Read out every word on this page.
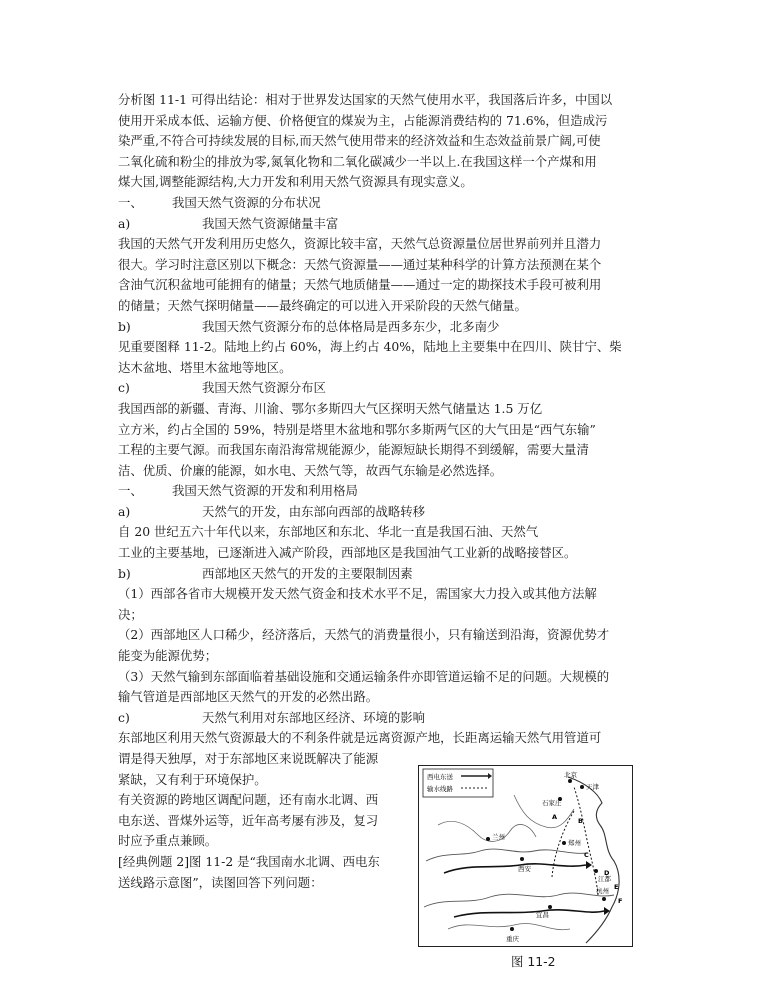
分析图 11-1 可得出结论：相对于世界发达国家的天然气使用水平，我国落后许多，中国以

使用开采成本低、运输方便、价格便宜的煤炭为主，占能源消费结构的 71.6%，但造成污

染严重,不符合可持续发展的目标,而天然气使用带来的经济效益和生态效益前景广阔,可使

二氧化硫和粉尘的排放为零,氮氧化物和二氧化碳减少一半以上.在我国这样一个产煤和用

煤大国,调整能源结构,大力开发和利用天然气资源具有现实意义。

一、	我国天然气资源的分布状况
a)	我国天然气资源储量丰富

我国的天然气开发利用历史悠久，资源比较丰富，天然气总资源量位居世界前列并且潜力

很大。学习时注意区别以下概念：天然气资源量——通过某种科学的计算方法预测在某个

含油气沉积盆地可能拥有的储量；天然气地质储量——通过一定的勘探技术手段可被利用

的储量；天然气探明储量——最终确定的可以进入开采阶段的天然气储量。

b)	我国天然气资源分布的总体格局是西多东少，北多南少

见重要图释 11-2。陆地上约占 60%，海上约占 40%，陆地上主要集中在四川、陕甘宁、柴

达木盆地、塔里木盆地等地区。

c)	我国天然气资源分布区

我国西部的新疆、青海、川渝、鄂尔多斯四大气区探明天然气储量达 1.5 万亿

立方米，约占全国的 59%，特别是塔里木盆地和鄂尔多斯两气区的大气田是“西气东输”

工程的主要气源。而我国东南沿海常规能源少，能源短缺长期得不到缓解，需要大量清

洁、优质、价廉的能源，如水电、天然气等，故西气东输是必然选择。

一、	我国天然气资源的开发和利用格局
a)	天然气的开发，由东部向西部的战略转移

自 20 世纪五六十年代以来，东部地区和东北、华北一直是我国石油、天然气

工业的主要基地，已逐渐进入减产阶段，西部地区是我国油气工业新的战略接替区。

b)	西部地区天然气的开发的主要限制因素

（1）西部各省市大规模开发天然气资金和技术水平不足，需国家大力投入或其他方法解

决；

（2）西部地区人口稀少，经济落后，天然气的消费量很小，只有输送到沿海，资源优势才

能变为能源优势；

（3）天然气输到东部面临着基础设施和交通运输条件亦即管道运输不足的问题。大规模的

输气管道是西部地区天然气的开发的必然出路。

c)	天然气利用对东部地区经济、环境的影响

东部地区利用天然气资源最大的不利条件就是远离资源产地，长距离运输天然气用管道可

谓是得天独厚，对于东部地区来说既解决了能源

紧缺，又有利于环境保护。

有关资源的跨地区调配问题，还有南水北调、西

电东送、晋煤外运等，近年高考屡有涉及，复习

时应予重点兼顾。

[经典例题 2]图 11-2 是“我国南水北调、西电东

送线路示意图”，读图回答下列问题：

西电东送
输水线路
北京
天津
石家庄
兰州
郑州
西安
江都
宜昌
重庆
杭州
A	B
C
D
E
F
图 11-2
